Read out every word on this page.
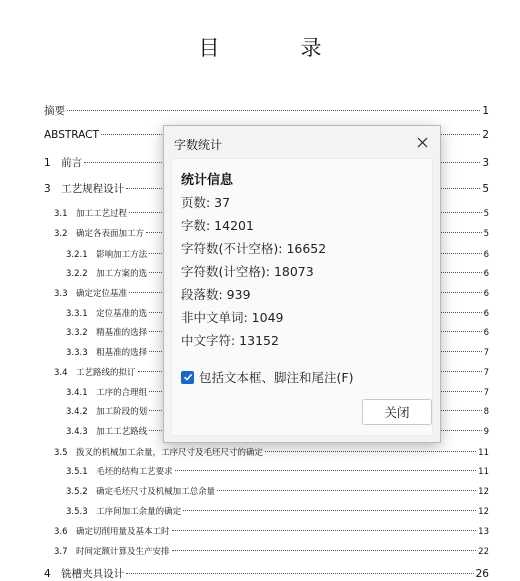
目　录
摘要	1
ABSTRACT	2
1　前言	3
3　工艺规程设计	5
3.1　加工工艺过程	5
3.2　确定各表面加工方	5
3.2.1　影响加工方法	6
3.2.2　加工方案的选	6
3.3　确定定位基准	6
3.3.1　定位基准的选	6
3.3.2　精基准的选择	6
3.3.3　粗基准的选择	7
3.4　工艺路线的拟订	7
3.4.1　工序的合理组	7
3.4.2　加工阶段的划	8
3.4.3　加工工艺路线	9
3.5　拨叉的机械加工余量，工序尺寸及毛坯尺寸的确定	11
3.5.1　毛坯的结构工艺要求	11
3.5.2　确定毛坯尺寸及机械加工总余量	12
3.5.3　工序间加工余量的确定	12
3.6　确定切削用量及基本工时	13
3.7　时间定额计算及生产安排	22
4　铣槽夹具设计	26
字数统计
统计信息
页数: 37
字数: 14201
字符数(不计空格): 16652
字符数(计空格): 18073
段落数: 939
非中文单词: 1049
中文字符: 13152
包括文本框、脚注和尾注(F)
关闭
